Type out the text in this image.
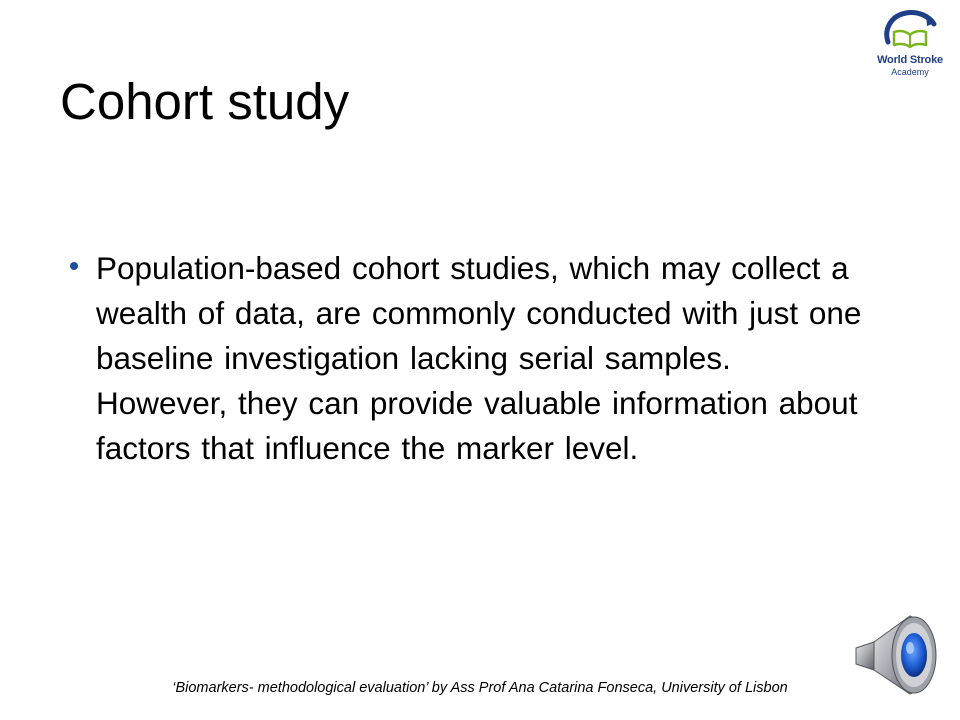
World Stroke
Academy
Cohort study
Population-based cohort studies, which may collect a wealth of data, are commonly conducted with just one baseline investigation lacking serial samples. However, they can provide valuable information about factors that influence the marker level.
‘Biomarkers- methodological evaluation’ by Ass Prof Ana Catarina Fonseca, University of Lisbon
